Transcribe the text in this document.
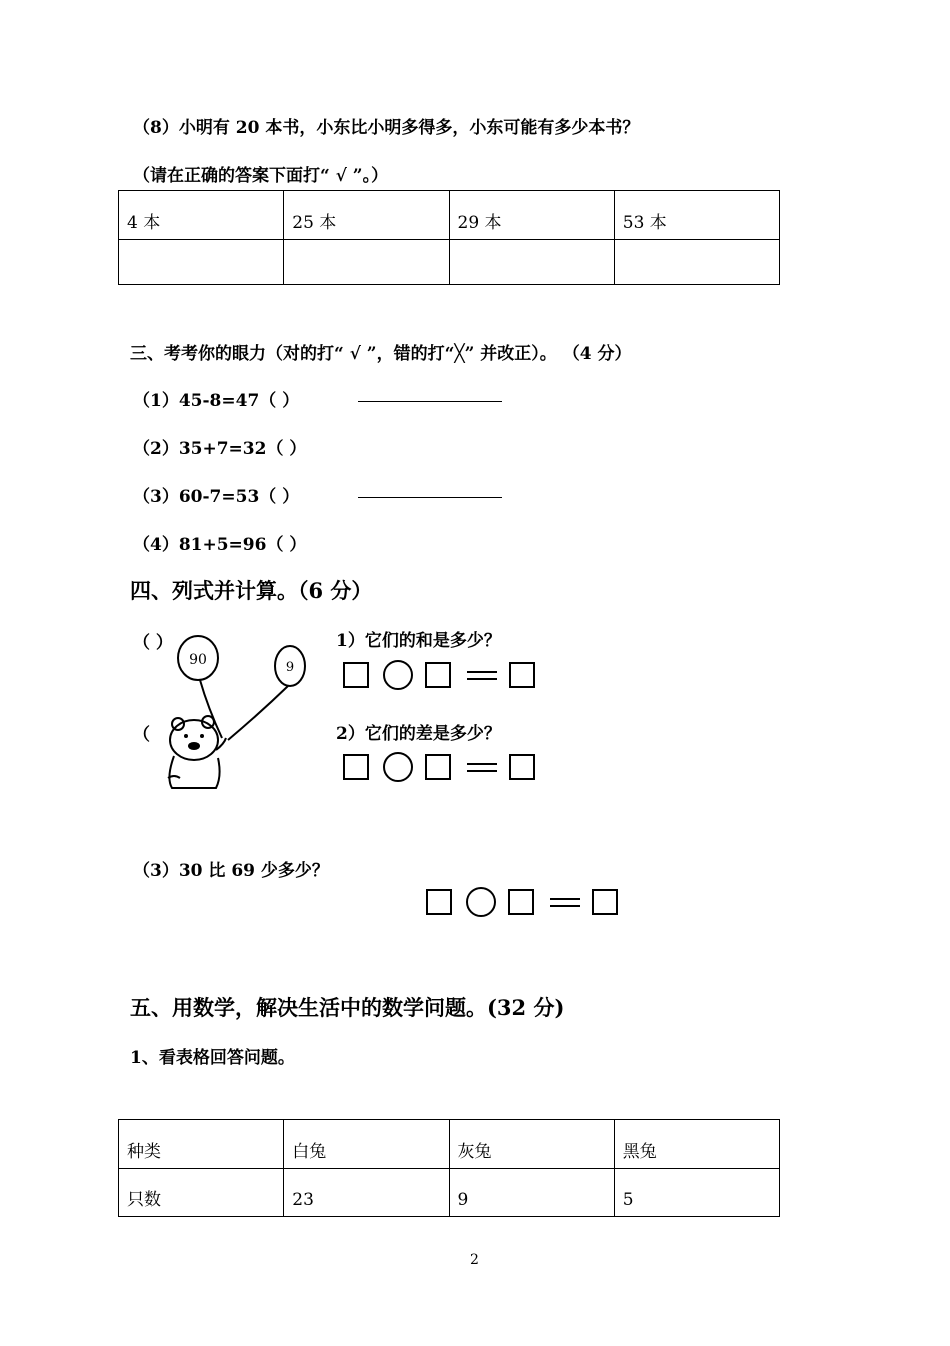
（8）小明有 20 本书，小东比小明多得多，小东可能有多少本书？
（请在正确的答案下面打“ √ ”。）
4 本	25 本	29 本	53 本

三、考考你的眼力（对的打“ √ ”，错的打“╳” 并改正）。 （4 分）
（1）45-8=47（ ）
（2）35+7=32（ ）
（3）60-7=53（ ）
（4）81+5=96（ ）
四、列式并计算。（6 分）
（ ）
（
90	9
1）它们的和是多少？
2）它们的差是多少？
（3）30 比 69 少多少？
五、用数学，解决生活中的数学问题。(32 分)
1、看表格回答问题。
种类	白兔	灰兔	黑兔
只数	23	9	5
2
